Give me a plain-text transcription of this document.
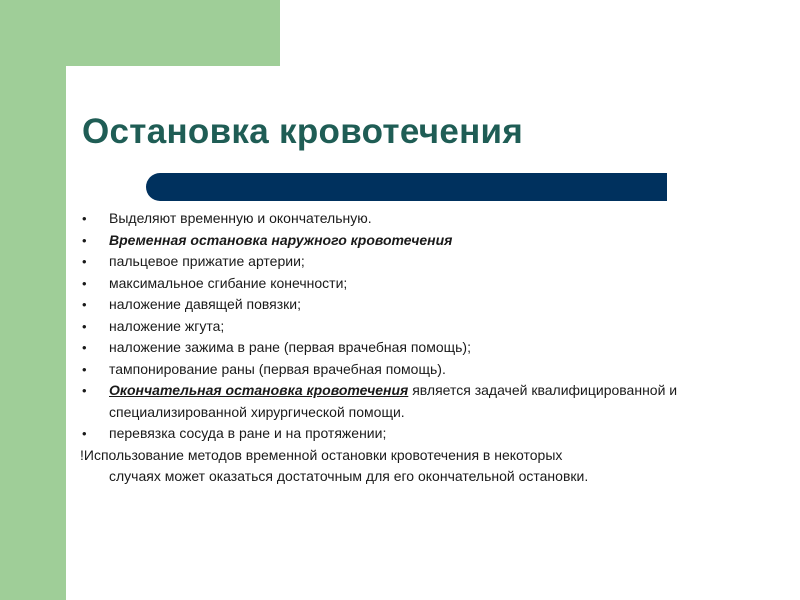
Остановка кровотечения
•	Выделяют временную и окончательную.
•	Временная остановка наружного кровотечения
•	пальцевое прижатие артерии;
•	максимальное сгибание конечности;
•	наложение давящей повязки;
•	наложение жгута;
•	наложение зажима в ране (первая врачебная помощь);
•	тампонирование раны (первая врачебная помощь).
•	Окончательная остановка кровотечения является задачей квалифицированной и специализированной хирургической помощи.
•	перевязка сосуда в ране и на протяжении;
!Использование методов временной остановки кровотечения в некоторых
случаях может оказаться достаточным для его окончательной остановки.
